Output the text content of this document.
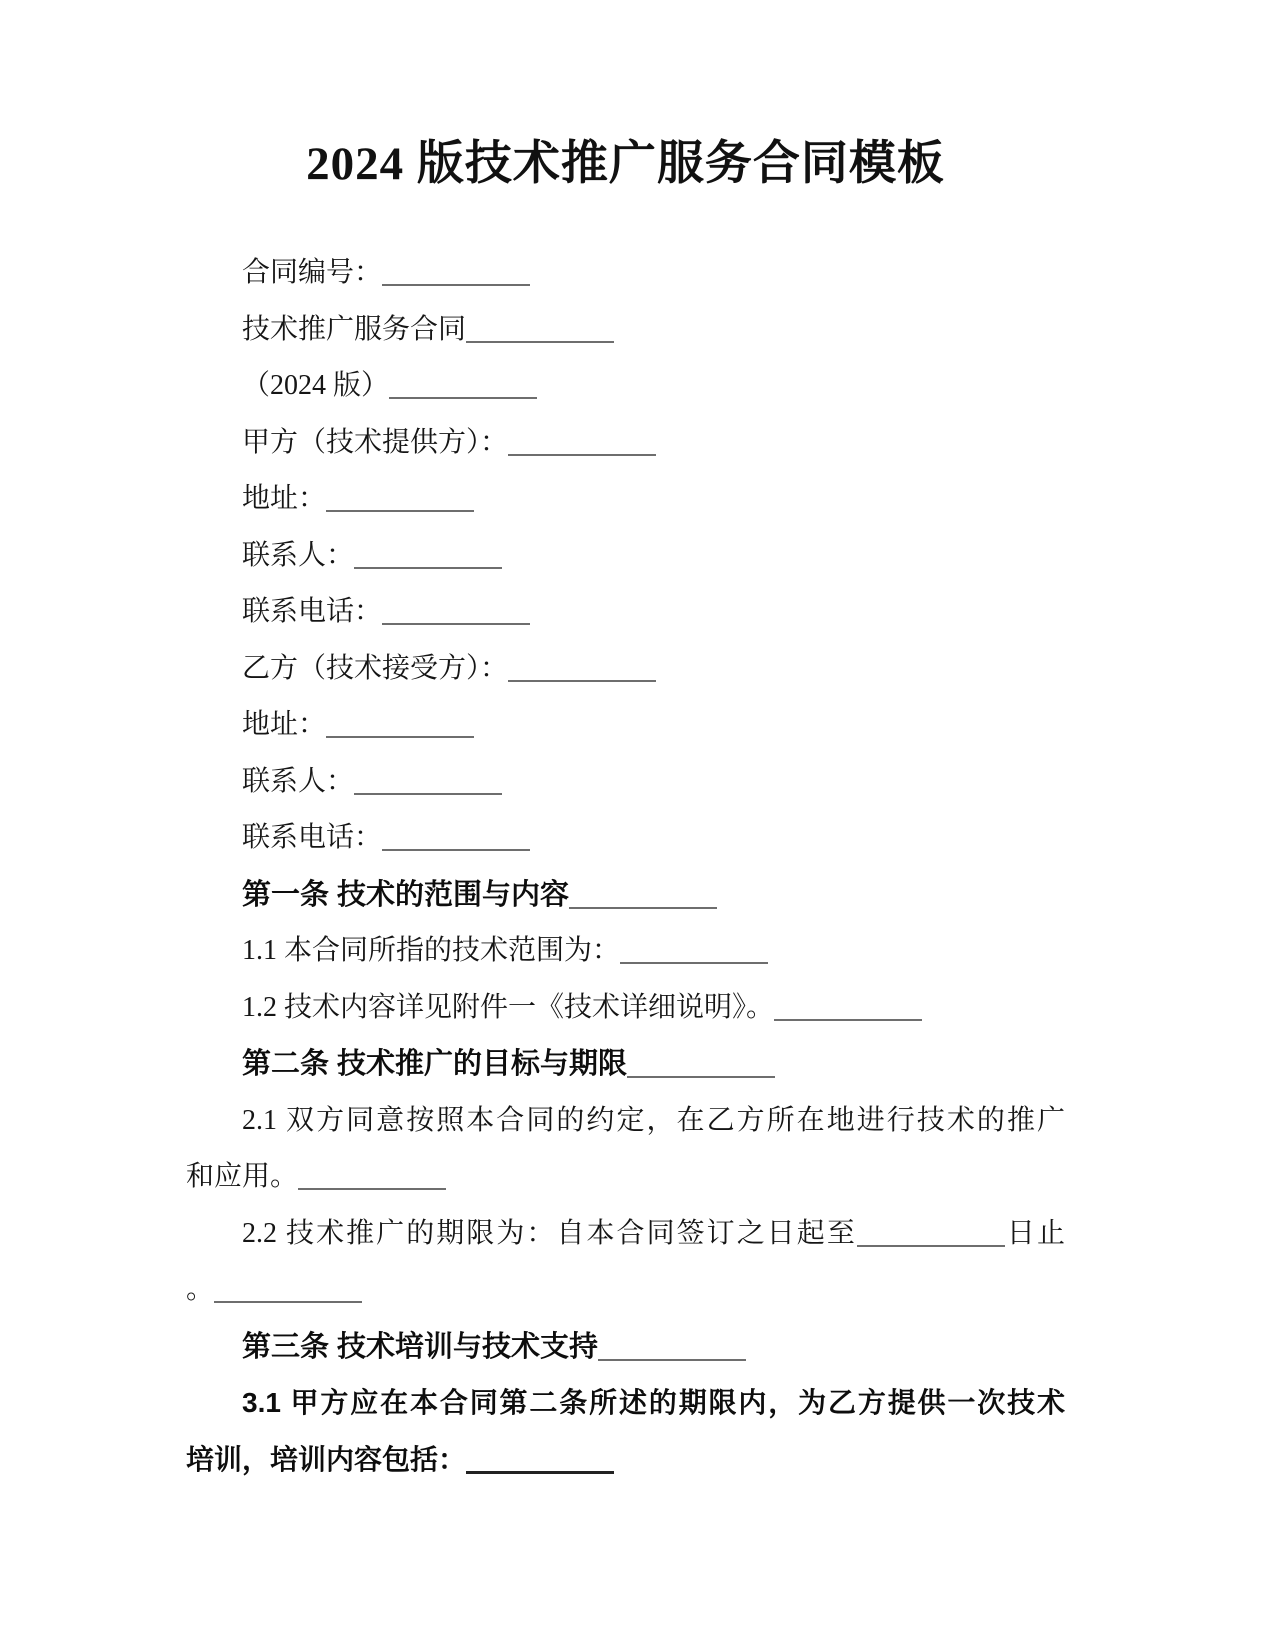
2024 版技术推广服务合同模板
合同编号：
技术推广服务合同
（2024 版）
甲方（技术提供方）：
地址：
联系人：
联系电话：
乙方（技术接受方）：
地址：
联系人：
联系电话：
第一条 技术的范围与内容
1.1 本合同所指的技术范围为：
1.2 技术内容详见附件一《技术详细说明》。
第二条 技术推广的目标与期限
2.1 双方同意按照本合同的约定，在乙方所在地进行技术的推广
和应用。
2.2 技术推广的期限为：自本合同签订之日起至	日止
。
第三条 技术培训与技术支持
3.1 甲方应在本合同第二条所述的期限内，为乙方提供一次技术
培训，培训内容包括：
